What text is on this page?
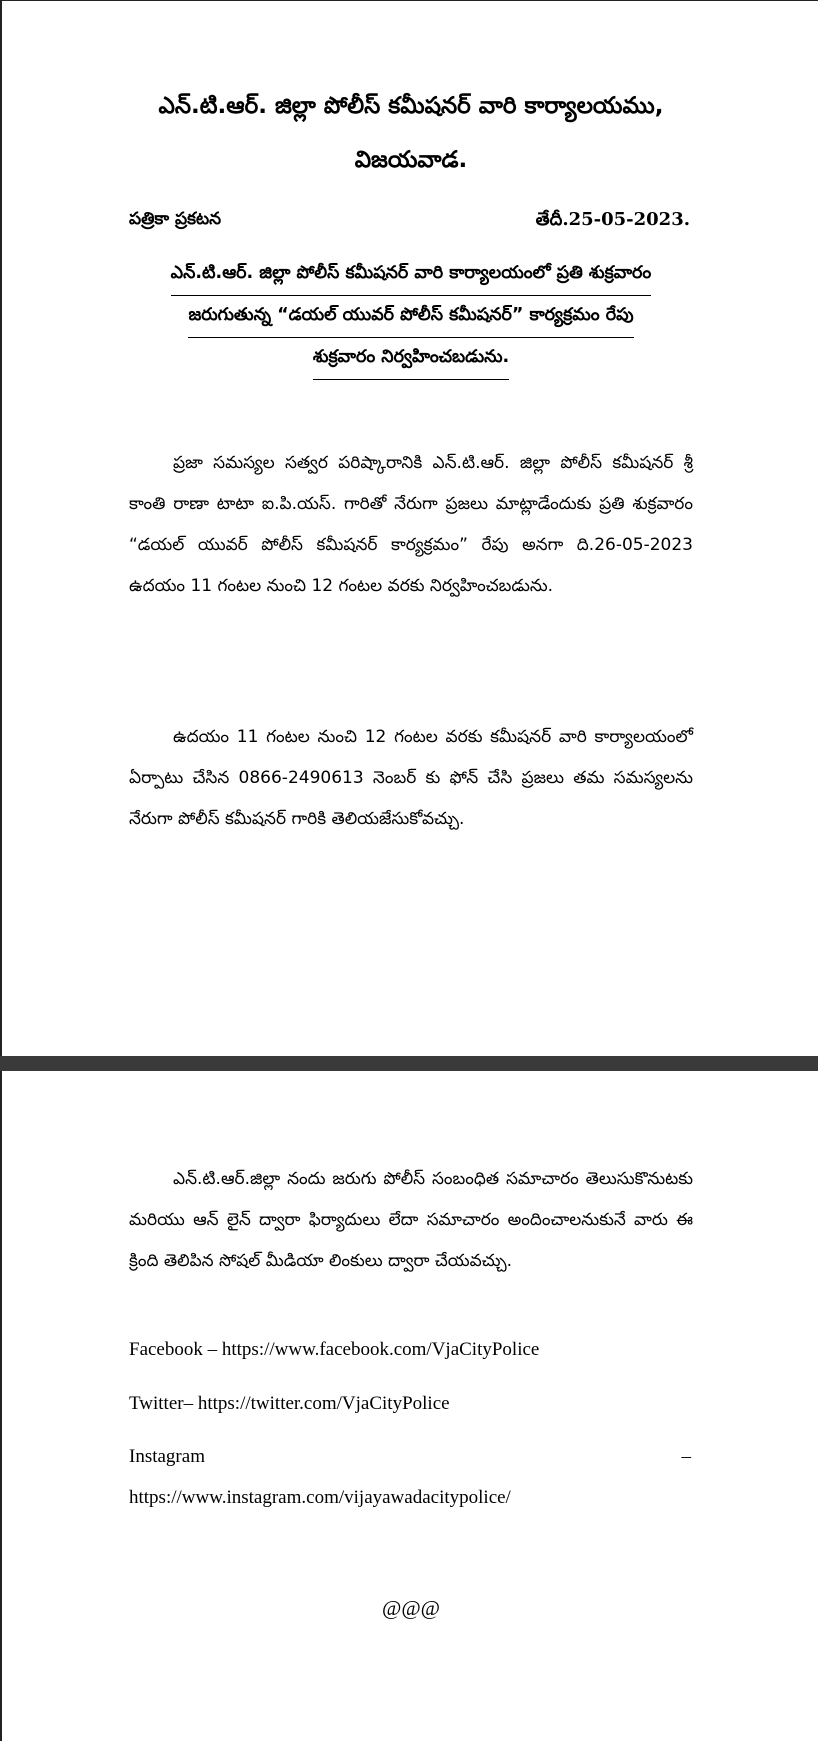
ఎన్.టి.ఆర్. జిల్లా పోలీస్ కమీషనర్ వారి కార్యాలయము,
విజయవాడ.
పత్రికా ప్రకటన	తేదీ.25-05-2023.
ఎన్.టి.ఆర్. జిల్లా పోలీస్ కమీషనర్ వారి కార్యాలయంలో ప్రతి శుక్రవారం
జరుగుతున్న “డయల్ యువర్ పోలీస్ కమీషనర్” కార్యక్రమం రేపు
శుక్రవారం నిర్వహించబడును.
ప్రజా సమస్యల సత్వర పరిష్కారానికి ఎన్.టి.ఆర్. జిల్లా పోలీస్ కమీషనర్ శ్రీ కాంతి రాణా టాటా ఐ.పి.యస్. గారితో నేరుగా ప్రజలు మాట్లాడేందుకు ప్రతి శుక్రవారం “డయల్ యువర్ పోలీస్ కమీషనర్ కార్యక్రమం” రేపు అనగా ది.26-05-2023 ఉదయం 11 గంటల నుంచి 12 గంటల వరకు నిర్వహించబడును.
ఉదయం 11 గంటల నుంచి 12 గంటల వరకు కమీషనర్ వారి కార్యాలయంలో ఏర్పాటు చేసిన 0866-2490613 నెంబర్ కు ఫోన్ చేసి ప్రజలు తమ సమస్యలను నేరుగా పోలీస్ కమీషనర్ గారికి తెలియజేసుకోవచ్చు.
ఎన్.టి.ఆర్.జిల్లా నందు జరుగు పోలీస్ సంబంధిత సమాచారం తెలుసుకొనుటకు మరియు ఆన్ లైన్ ద్వారా ఫిర్యాదులు లేదా సమాచారం అందించాలనుకునే వారు ఈ క్రింది తెలిపిన సోషల్ మీడియా లింకులు ద్వారా చేయవచ్చు.
Facebook – https://www.facebook.com/VjaCityPolice
Twitter– https://twitter.com/VjaCityPolice
Instagram	–
https://www.instagram.com/vijayawadacitypolice/
@@@
